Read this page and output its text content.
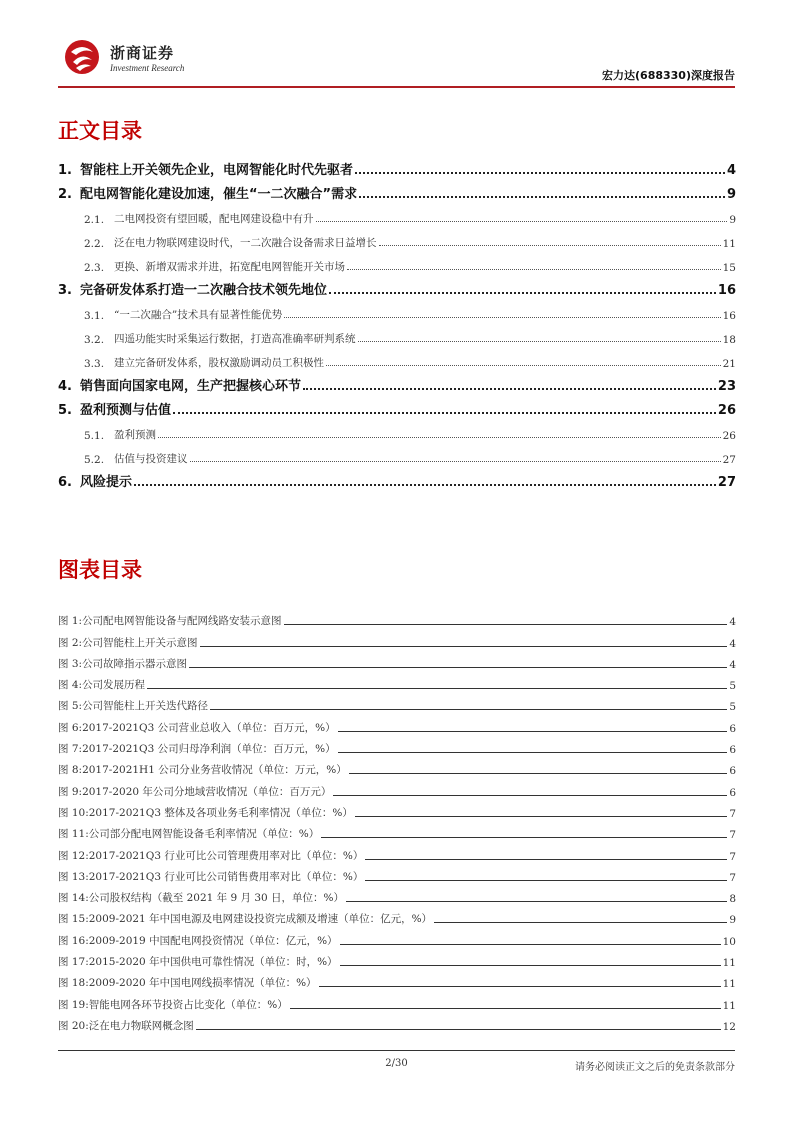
浙商证券
Investment Research
宏力达(688330)深度报告
正文目录
1. 智能柱上开关领先企业，电网智能化时代先驱者	4
2. 配电网智能化建设加速，催生“一二次融合”需求	9
2.1. 二电网投资有望回暖，配电网建设稳中有升	9
2.2. 泛在电力物联网建设时代，一二次融合设备需求日益增长	11
2.3. 更换、新增双需求并进，拓宽配电网智能开关市场	15
3. 完备研发体系打造一二次融合技术领先地位	16
3.1. “一二次融合”技术具有显著性能优势	16
3.2. 四遥功能实时采集运行数据，打造高准确率研判系统	18
3.3. 建立完备研发体系，股权激励调动员工积极性	21
4. 销售面向国家电网，生产把握核心环节	23
5. 盈利预测与估值	26
5.1. 盈利预测	26
5.2. 估值与投资建议	27
6. 风险提示	27
图表目录
图 1: 公司配电网智能设备与配网线路安装示意图	4
图 2: 公司智能柱上开关示意图	4
图 3: 公司故障指示器示意图	4
图 4: 公司发展历程	5
图 5: 公司智能柱上开关迭代路径	5
图 6: 2017-2021Q3 公司营业总收入（单位：百万元，%）	6
图 7: 2017-2021Q3 公司归母净利润（单位：百万元，%）	6
图 8: 2017-2021H1 公司分业务营收情况（单位：万元，%）	6
图 9: 2017-2020 年公司分地域营收情况（单位：百万元）	6
图 10: 2017-2021Q3 整体及各项业务毛利率情况（单位：%）	7
图 11: 公司部分配电网智能设备毛利率情况（单位：%）	7
图 12: 2017-2021Q3 行业可比公司管理费用率对比（单位：%）	7
图 13: 2017-2021Q3 行业可比公司销售费用率对比（单位：%）	7
图 14: 公司股权结构（截至 2021 年 9 月 30 日，单位：%）	8
图 15: 2009-2021 年中国电源及电网建设投资完成额及增速（单位：亿元，%）	9
图 16: 2009-2019 中国配电网投资情况（单位：亿元，%）	10
图 17: 2015-2020 年中国供电可靠性情况（单位：时，%）	11
图 18: 2009-2020 年中国电网线损率情况（单位：%）	11
图 19: 智能电网各环节投资占比变化（单位：%）	11
图 20: 泛在电力物联网概念图	12
2/30	请务必阅读正文之后的免责条款部分
